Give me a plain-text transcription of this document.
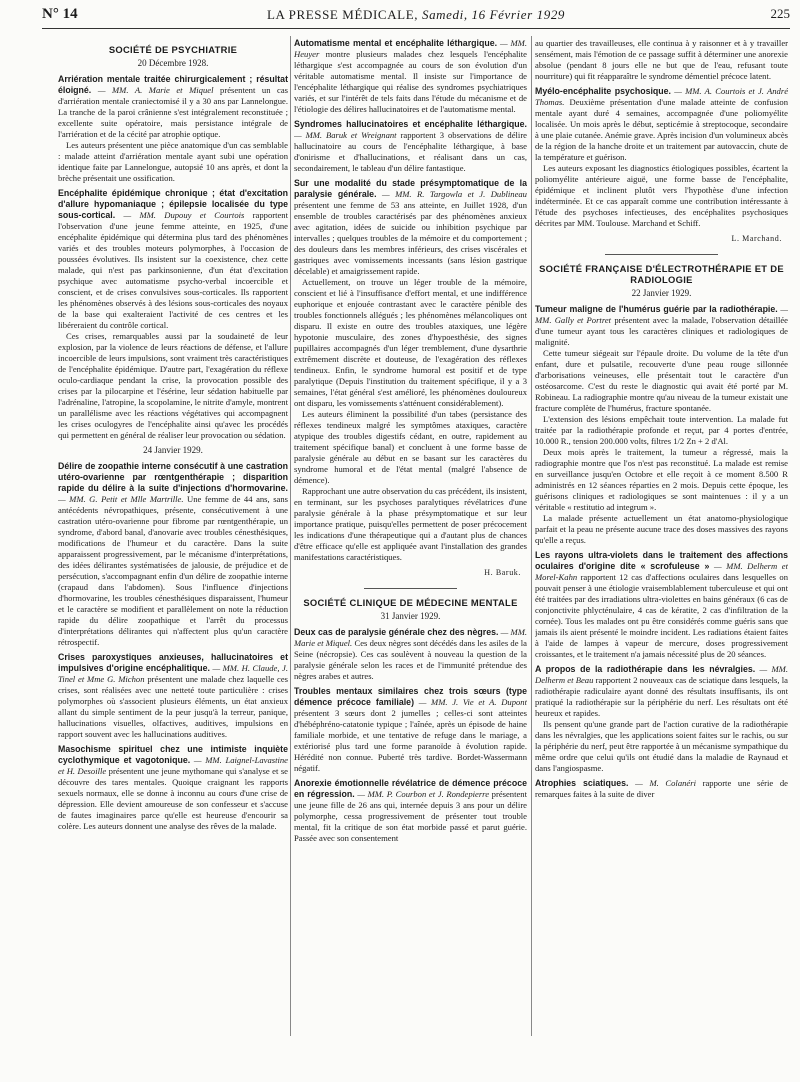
N° 14	LA PRESSE MÉDICALE, Samedi, 16 Février 1929	225
SOCIÉTÉ DE PSYCHIATRIE
20 Décembre 1928.

Arriération mentale traitée chirurgicalement ; résultat éloigné. — MM. A. Marie et Miquel présentent un cas d'arriération mentale craniectomisé il y a 30 ans par Lannelongue. La tranche de la paroi crânienne s'est intégralement reconstituée ; excellente suite opératoire, mais persistance intégrale de l'arriération et de la cécité par atrophie optique.

Les auteurs présentent une pièce anatomique d'un cas semblable : malade atteint d'arriération mentale ayant subi une opération identique faite par Lannelongue, autopsié 10 ans après, et dont la brèche présentait une ossification.

Encéphalite épidémique chronique ; état d'excitation d'allure hypomaniaque ; épilepsie localisée du type sous-cortical. — MM. Dupouy et Courtois rapportent l'observation d'une jeune femme atteinte, en 1925, d'une encéphalite épidémique qui détermina plus tard des phénomènes variés et des troubles moteurs polymorphes, à l'occasion de poussées évolutives. Ils insistent sur la coexistence, chez cette malade, qui n'est pas parkinsonienne, d'un état d'excitation psychique avec automatisme psycho-verbal incoercible et conscient, et de crises convulsives sous-corticales. Ils rapportent les phénomènes observés à des lésions sous-corticales des noyaux de la base qui exalteraient l'activité de ces centres et les libéreraient du contrôle cortical.

Ces crises, remarquables aussi par la soudaineté de leur explosion, par la violence de leurs réactions de défense, et l'allure incoercible de leurs impulsions, sont vraiment très caractéristiques de l'encéphalite épidémique. D'autre part, l'exagération du réflexe oculo-cardiaque pendant la crise, la provocation possible des crises par la pilocarpine et l'ésérine, leur sédation habituelle par l'adrénaline, l'atropine, la scopolamine, le nitrite d'amyle, montrent un parallélisme avec les réactions végétatives qui accompagnent les crises oculogyres de l'encéphalite ainsi qu'avec les procédés qui permettent en général de réaliser leur provocation ou sédation.

24 Janvier 1929.

Délire de zoopathie interne consécutif à une castration utéro-ovarienne par rœntgenthérapie ; disparition rapide du délire à la suite d'injections d'hormovarine. — MM. G. Petit et Mlle Martrille. Une femme de 44 ans, sans antécédents névropathiques, présente, consécutivement à une castration utéro-ovarienne pour fibrome par rœntgenthérapie, un syndrome, d'abord banal, d'anovarie avec troubles cénesthésiques, modifications de l'humeur et du caractère. Dans la suite apparaissent progressivement, par le mécanisme d'interprétations, des idées délirantes systématisées de jalousie, de préjudice et de persécution, s'accompagnant enfin d'un délire de zoopathie interne (crapaud dans l'abdomen). Sous l'influence d'injections d'hormovarine, les troubles cénesthésiques disparaissent, l'humeur et le caractère se modifient et parallèlement on note la réduction rapide du délire zoopathique et l'arrêt du processus d'interprétations délirantes qui n'affectent plus qu'un caractère rétrospectif.

Crises paroxystiques anxieuses, hallucinatoires et impulsives d'origine encéphalitique. — MM. H. Claude, J. Tinel et Mme G. Michon présentent une malade chez laquelle ces crises, sont réalisées avec une netteté toute particulière : crises polymorphes où s'associent plusieurs éléments, un état anxieux allant du simple sentiment de la peur jusqu'à la terreur, panique, hallucinations visuelles, olfactives, auditives, impulsions en rapport souvent avec les hallucinations auditives.

Masochisme spirituel chez une intimiste inquiète cyclothymique et vagotonique. — MM. Laignel-Lavastine et H. Desoille présentent une jeune mythomane qui s'analyse et se découvre des tares mentales. Quoique craignant les rapports sexuels normaux, elle se donne à inconnu au cours d'une crise de dépression. Elle devient amoureuse de son confesseur et s'accuse de fautes imaginaires parce qu'elle est heureuse d'encourir sa colère. Les auteurs donnent une analyse des rêves de la malade.

Automatisme mental et encéphalite léthargique. — MM. Heuyer montre plusieurs malades chez lesquels l'encéphalite léthargique s'est accompagnée au cours de son évolution d'un véritable automatisme mental. Il insiste sur l'importance de l'encéphalite léthargique qui réalise des syndromes psychiatriques variés, et sur l'intérêt de tels faits dans l'étude du mécanisme et de l'étiologie des délires hallucinatoires et de l'automatisme mental.

Syndromes hallucinatoires et encéphalite léthargique. — MM. Baruk et Wreignant rapportent 3 observations de délire hallucinatoire au cours de l'encéphalite léthargique, à base d'onirisme et d'hallucinations, et réalisant dans un cas, secondairement, le tableau d'un délire fantastique.

Sur une modalité du stade présymptomatique de la paralysie générale. — MM. R. Targowla et J. Dublineau présentent une femme de 53 ans atteinte, en Juillet 1928, d'un ensemble de troubles caractérisés par des phénomènes anxieux avec agitation, idées de suicide ou inhibition psychique par intervalles ; quelques troubles de la mémoire et du comportement ; des douleurs dans les membres inférieurs, des crises viscérales et gastriques avec vomissements incessants (sans lésion gastrique décelable) et amaigrissement rapide.

Actuellement, on trouve un léger trouble de la mémoire, conscient et lié à l'insuffisance d'effort mental, et une indifférence euphorique et enjouée contrastant avec le caractère pénible des troubles fonctionnels allégués ; les phénomènes mélancoliques ont disparu. Il existe en outre des troubles ataxiques, une légère hypotonie musculaire, des zones d'hypoesthésie, des signes pupillaires accompagnés d'un léger tremblement, d'une dysarthrie extrêmement discrète et douteuse, de l'exagération des réflexes tendineux. Enfin, le syndrome humoral est positif et de type paralytique (Depuis l'institution du traitement spécifique, il y a 3 semaines, l'état général s'est amélioré, les phénomènes douloureux ont disparu, les vomissements s'atténuent considérablement).

Les auteurs éliminent la possibilité d'un tabes (persistance des réflexes tendineux malgré les symptômes ataxiques, caractère atypique des troubles digestifs cédant, en outre, rapidement au traitement spécifique banal) et concluent à une forme basse de paralysie générale au début en se basant sur les caractères du syndrome humoral et de l'état mental (malgré l'absence de démence).

Rapprochant une autre observation du cas précédent, ils insistent, en terminant, sur les psychoses paralytiques révélatrices d'une paralysie générale à la phase présymptomatique et sur leur importance pratique, puisqu'elles permettent de poser précocement les indications d'une thérapeutique qui a d'autant plus de chances d'être efficace qu'elle est appliquée avant l'installation des grandes manifestations caractéristiques.

H. Baruk.
SOCIÉTÉ CLINIQUE DE MÉDECINE MENTALE
31 Janvier 1929.

Deux cas de paralysie générale chez des nègres. — MM. Marie et Miquel. Ces deux nègres sont décédés dans les asiles de la Seine (nécropsie). Ces cas soulèvent à nouveau la question de la paralysie générale selon les races et de l'immunité prétendue des nègres arabes et autres.

Troubles mentaux similaires chez trois sœurs (type démence précoce familiale) — MM. J. Vie et A. Dupont présentent 3 sœurs dont 2 jumelles ; celles-ci sont atteintes d'hébéphréno-catatonie typique ; l'aînée, après un épisode de haine familiale morbide, et une tentative de refuge dans le mariage, a extériorisé plus tard une forme paranoïde à évolution rapide. Hérédité non connue. Puberté très tardive. Bordet-Wassermann négatif.

Anorexie émotionnelle révélatrice de démence précoce en régression. — MM. P. Courbon et J. Rondepierre présentent une jeune fille de 26 ans qui, internée depuis 3 ans pour un délire polymorphe, cessa progressivement de présenter tout trouble mental, fit la critique de son état morbide passé et parut guérie. Passée avec son consentement

au quartier des travailleuses, elle continua à y raisonner et à y travailler sensément, mais l'émotion de ce passage suffit à déterminer une anorexie absolue (pendant 8 jours elle ne but que de l'eau, refusant toute nourriture) qui fit réapparaître le syndrome démentiel précoce latent.

Myélo-encéphalite psychosique. — MM. A. Courtois et J. André Thomas. Deuxième présentation d'une malade atteinte de confusion mentale ayant duré 4 semaines, accompagnée d'une poliomyélite localisée. Un mois après le début, septicémie à streptocoque, secondaire à une plaie cutanée. Anémie grave. Après incision d'un volumineux abcès de la région de la hanche droite et un traitement par autovaccin, chute de la température et guérison.

Les auteurs exposant les diagnostics étiologiques possibles, écartent la poliomyélite antérieure aiguë, une forme basse de l'encéphalite, épidémique et inclinent plutôt vers l'hypothèse d'une infection indéterminée. Et ce cas apparaît comme une contribution intéressante à l'étude des psychoses infectieuses, des encéphalites psychosiques décrites par MM. Toulouse. Marchand et Schiff.

L. Marchand.
SOCIÉTÉ FRANÇAISE D'ÉLECTROTHÉRAPIE ET DE RADIOLOGIE
22 Janvier 1929.

Tumeur maligne de l'humérus guérie par la radiothérapie. — MM. Gally et Portret présentent avec la malade, l'observation détaillée d'une tumeur ayant tous les caractères cliniques et radiologiques de malignité.

Cette tumeur siégeait sur l'épaule droite. Du volume de la tête d'un enfant, dure et pulsatile, recouverte d'une peau rouge sillonnée d'arborisations veineuses, elle présentait tout le caractère d'un ostéosarcome. C'est du reste le diagnostic qui avait été porté par M. Robineau. La radiographie montre qu'au niveau de la tumeur existait une fracture complète de l'humérus, fracture spontanée.

L'extension des lésions empêchait toute intervention. La malade fut traitée par la radiothérapie profonde et reçut, par 4 portes d'entrée, 10.000 R., tension 200.000 volts, filtres 1/2 Zn + 2 d'Al.

Deux mois après le traitement, la tumeur a régressé, mais la radiographie montre que l'os n'est pas reconstitué. La malade est remise en surveillance jusqu'en Octobre et elle reçoit à ce moment 8.500 R administrés en 12 séances réparties en 2 mois. Depuis cette époque, les guérisons cliniques et radiologiques se sont maintenues : il y a un véritable « restitutio ad integrum ».

La malade présente actuellement un état anatomo-physiologique parfait et la peau ne présente aucune trace des doses massives des rayons qu'elle a reçus.

Les rayons ultra-violets dans le traitement des affections oculaires d'origine dite « scrofuleuse » — MM. Delherm et Morel-Kahn rapportent 12 cas d'affections oculaires dans lesquelles on pouvait penser à une étiologie vraisemblablement tuberculeuse et qui ont été traitées par des irradiations ultra-violettes en bains généraux (6 cas de conjonctivite phlycténulaire, 4 cas de kératite, 2 cas d'infiltration de la cornée). Tous les malades ont pu être considérés comme guéris sans que jamais ils aient présenté le moindre incident. Les radiations étaient faites à l'aide de lampes à vapeur de mercure, doses progressivement croissantes, et le traitement n'a jamais nécessité plus de 20 séances.

A propos de la radiothérapie dans les névralgies. — MM. Delherm et Beau rapportent 2 nouveaux cas de sciatique dans lesquels, la radiothérapie radiculaire ayant donné des résultats insuffisants, ils ont pratiqué la radiothérapie sur la périphérie du nerf. Les résultats ont été heureux et rapides.

Ils pensent qu'une grande part de l'action curative de la radiothérapie dans les névralgies, que les applications soient faites sur le rachis, ou sur la périphérie du nerf, peut être rapportée à un mécanisme sympathique du même ordre que celui qu'ils ont étudié dans la maladie de Raynaud et dans l'angiospasme.

Atrophies sciatiques. — M. Colanéri rapporte une série de remarques faites à la suite de diver
